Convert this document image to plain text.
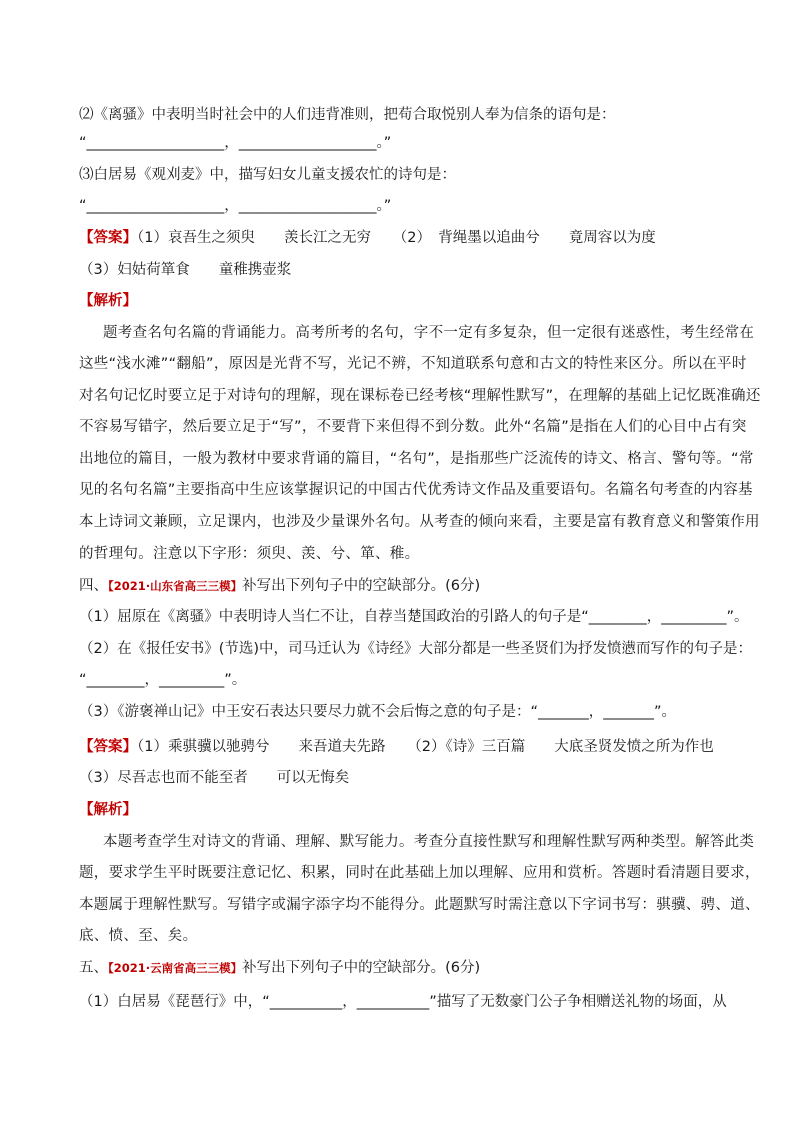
⑵《离骚》中表明当时社会中的人们违背准则，把苟合取悦别人奉为信条的语句是：
“___________________，___________________。”
⑶白居易《观刈麦》中，描写妇女儿童支援农忙的诗句是：
“___________________，___________________。”
【答案】（1）哀吾生之须臾　　羡长江之无穷　　（2）　背绳墨以追曲兮　　竟周容以为度
（3）妇姑荷箪食　　童稚携壶浆
【解析】
题考查名句名篇的背诵能力。高考所考的名句，字不一定有多复杂，但一定很有迷惑性，考生经常在
这些“浅水滩”“翻船”，原因是光背不写，光记不辨，不知道联系句意和古文的特性来区分。所以在平时
对名句记忆时要立足于对诗句的理解，现在课标卷已经考核“理解性默写”，在理解的基础上记忆既准确还
不容易写错字，然后要立足于“写”，不要背下来但得不到分数。此外“名篇”是指在人们的心目中占有突
出地位的篇目，一般为教材中要求背诵的篇目，“名句”，是指那些广泛流传的诗文、格言、警句等。“常
见的名句名篇”主要指高中生应该掌握识记的中国古代优秀诗文作品及重要语句。名篇名句考查的内容基
本上诗词文兼顾，立足课内，也涉及少量课外名句。从考查的倾向来看，主要是富有教育意义和警策作用
的哲理句。注意以下字形：须臾、羡、兮、箪、稚。
四、【2021·山东省高三三模】补写出下列句子中的空缺部分。(6分)
（1）屈原在《离骚》中表明诗人当仁不让，自荐当楚国政治的引路人的句子是“________，_________”。
（2）在《报任安书》(节选)中，司马迁认为《诗经》大部分都是一些圣贤们为抒发愤懑而写作的句子是：
“________，_________”。
（3）《游褒禅山记》中王安石表达只要尽力就不会后悔之意的句子是：“_______，_______”。
【答案】（1）乘骐骥以驰骋兮　　来吾道夫先路　　（2）《诗》三百篇　　大底圣贤发愤之所为作也
（3）尽吾志也而不能至者　　可以无悔矣
【解析】
本题考查学生对诗文的背诵、理解、默写能力。考查分直接性默写和理解性默写两种类型。解答此类
题，要求学生平时既要注意记忆、积累，同时在此基础上加以理解、应用和赏析。答题时看清题目要求，
本题属于理解性默写。写错字或漏字添字均不能得分。此题默写时需注意以下字词书写：骐骥、骋、道、
底、愤、至、矣。
五、【2021·云南省高三三模】补写出下列句子中的空缺部分。(6分)
（1）白居易《琵琶行》中，“__________，__________”描写了无数豪门公子争相赠送礼物的场面，从
